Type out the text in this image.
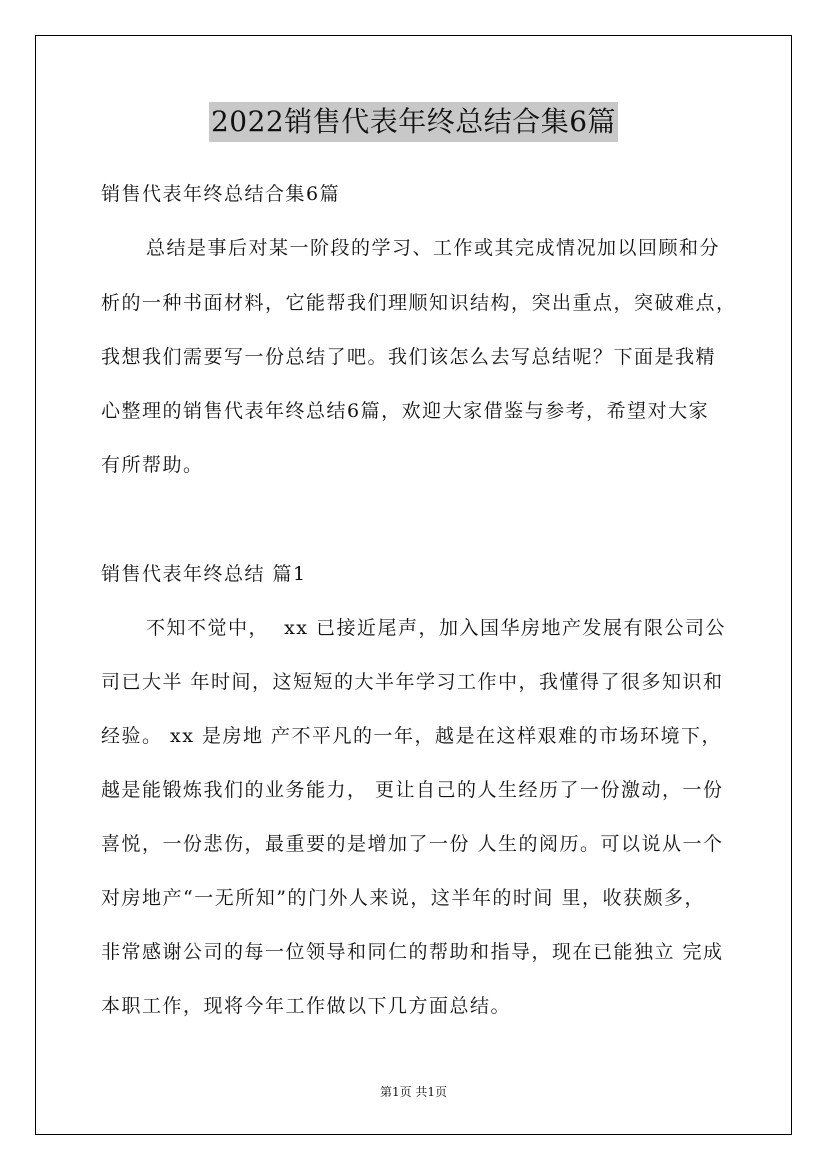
2022销售代表年终总结合集6篇
销售代表年终总结合集6篇
总结是事后对某一阶段的学习、工作或其完成情况加以回顾和分
析的一种书面材料，它能帮我们理顺知识结构，突出重点，突破难点，
我想我们需要写一份总结了吧。我们该怎么去写总结呢？下面是我精
心整理的销售代表年终总结6篇，欢迎大家借鉴与参考，希望对大家
有所帮助。
销售代表年终总结 篇1
不知不觉中，  xx 已接近尾声，加入国华房地产发展有限公司公
司已大半 年时间，这短短的大半年学习工作中，我懂得了很多知识和
经验。 xx 是房地 产不平凡的一年，越是在这样艰难的市场环境下，
越是能锻炼我们的业务能力， 更让自己的人生经历了一份激动，一份
喜悦，一份悲伤，最重要的是增加了一份 人生的阅历。可以说从一个
对房地产“一无所知”的门外人来说，这半年的时间 里，收获颇多，
非常感谢公司的每一位领导和同仁的帮助和指导，现在已能独立 完成
本职工作，现将今年工作做以下几方面总结。
第1页 共1页
